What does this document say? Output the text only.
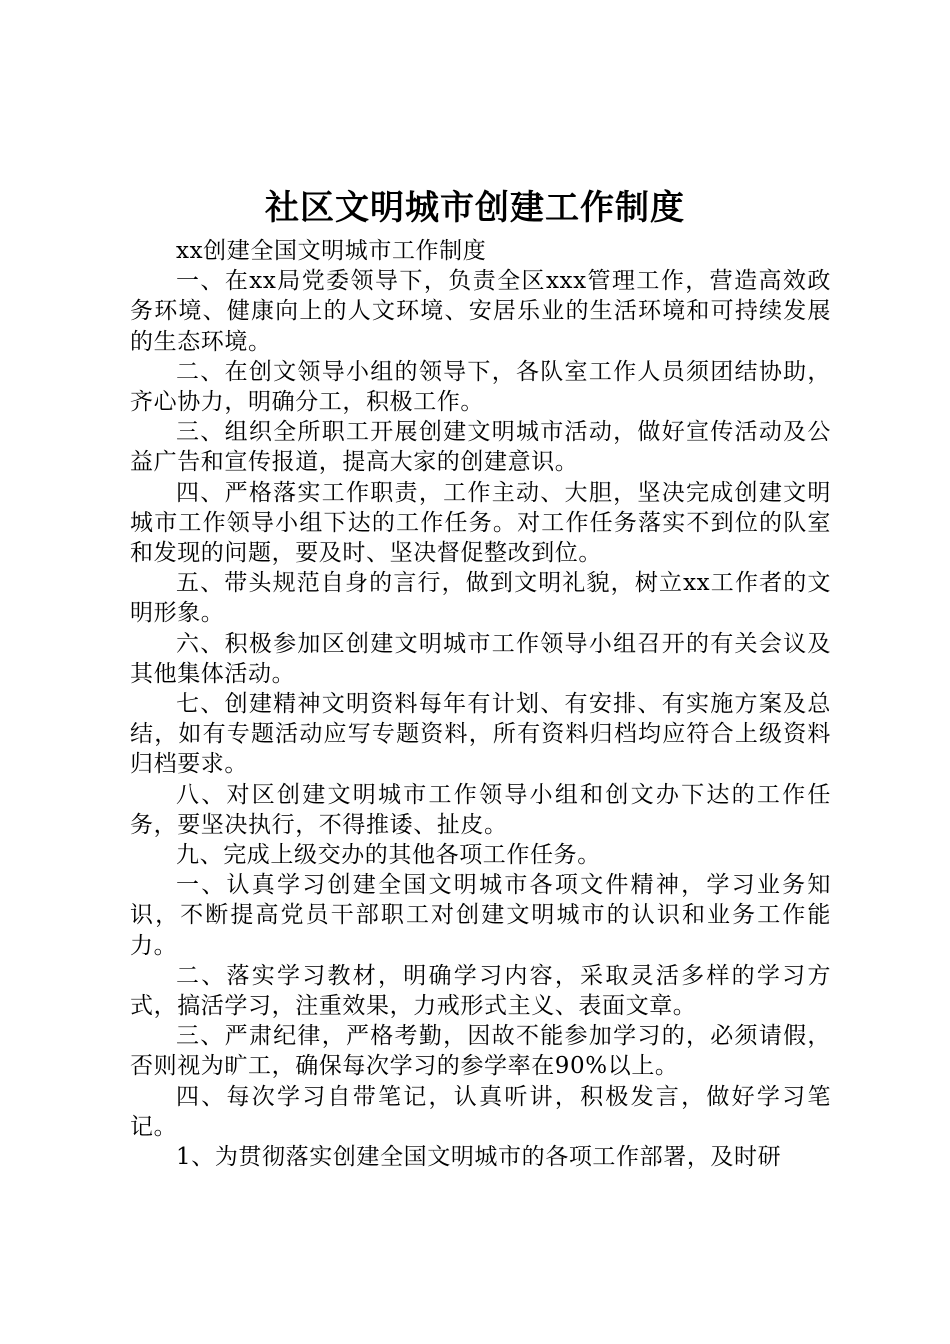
社区文明城市创建工作制度

xx创建全国文明城市工作制度

一、在xx局党委领导下，负责全区xxx管理工作，营造高效政务环境、健康向上的人文环境、安居乐业的生活环境和可持续发展的生态环境。

二、在创文领导小组的领导下，各队室工作人员须团结协助，齐心协力，明确分工，积极工作。

三、组织全所职工开展创建文明城市活动，做好宣传活动及公益广告和宣传报道，提高大家的创建意识。

四、严格落实工作职责，工作主动、大胆，坚决完成创建文明城市工作领导小组下达的工作任务。对工作任务落实不到位的队室和发现的问题，要及时、坚决督促整改到位。

五、带头规范自身的言行，做到文明礼貌，树立xx工作者的文明形象。

六、积极参加区创建文明城市工作领导小组召开的有关会议及其他集体活动。

七、创建精神文明资料每年有计划、有安排、有实施方案及总结，如有专题活动应写专题资料，所有资料归档均应符合上级资料归档要求。

八、对区创建文明城市工作领导小组和创文办下达的工作任务，要坚决执行，不得推诿、扯皮。

九、完成上级交办的其他各项工作任务。

一、认真学习创建全国文明城市各项文件精神，学习业务知识，不断提高党员干部职工对创建文明城市的认识和业务工作能力。

二、落实学习教材，明确学习内容，采取灵活多样的学习方式，搞活学习，注重效果，力戒形式主义、表面文章。

三、严肃纪律，严格考勤，因故不能参加学习的，必须请假，否则视为旷工，确保每次学习的参学率在90%以上。

四、每次学习自带笔记，认真听讲，积极发言，做好学习笔记。

1、为贯彻落实创建全国文明城市的各项工作部署，及时研
